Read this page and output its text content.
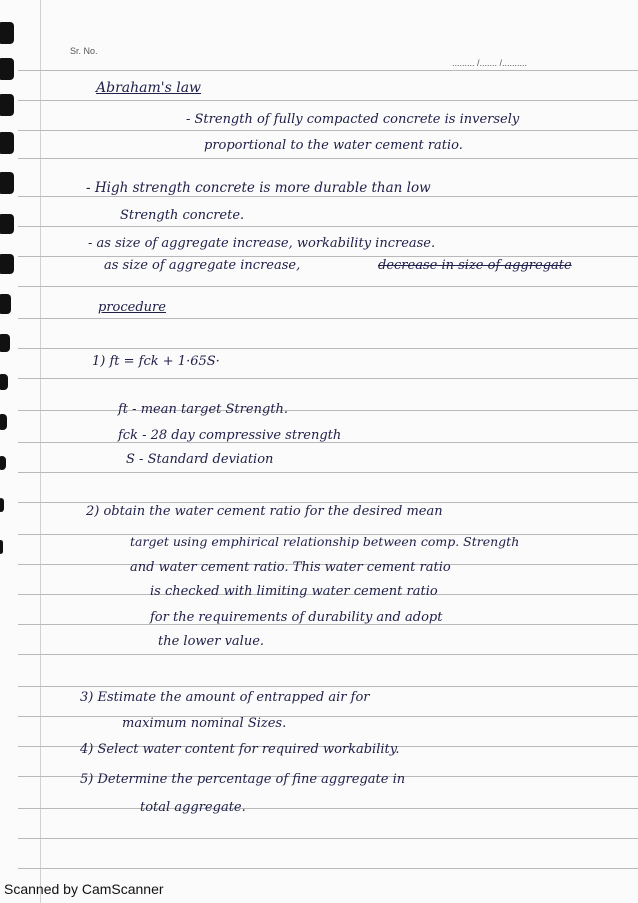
Sr. No.
......... /....... /..........
Abraham's law
- Strength of fully compacted concrete is inversely
proportional to the water cement ratio.
- High strength concrete is more durable than low
Strength concrete.
- as size of aggregate increase, workability increase.
as size of aggregate increase,	decrease in size of aggregate
procedure
1) ft = fck + 1·65S·
ft - mean target Strength.
fck - 28 day compressive strength
S - Standard deviation
2) obtain the water cement ratio for the desired mean
target using emphirical relationship between comp. Strength
and water cement ratio. This water cement ratio
is checked with limiting water cement ratio
for the requirements of durability and adopt
the lower value.
3) Estimate the amount of entrapped air for
maximum nominal Sizes.
4) Select water content for required workability.
5) Determine the percentage of fine aggregate in
total aggregate.
Scanned by CamScanner
